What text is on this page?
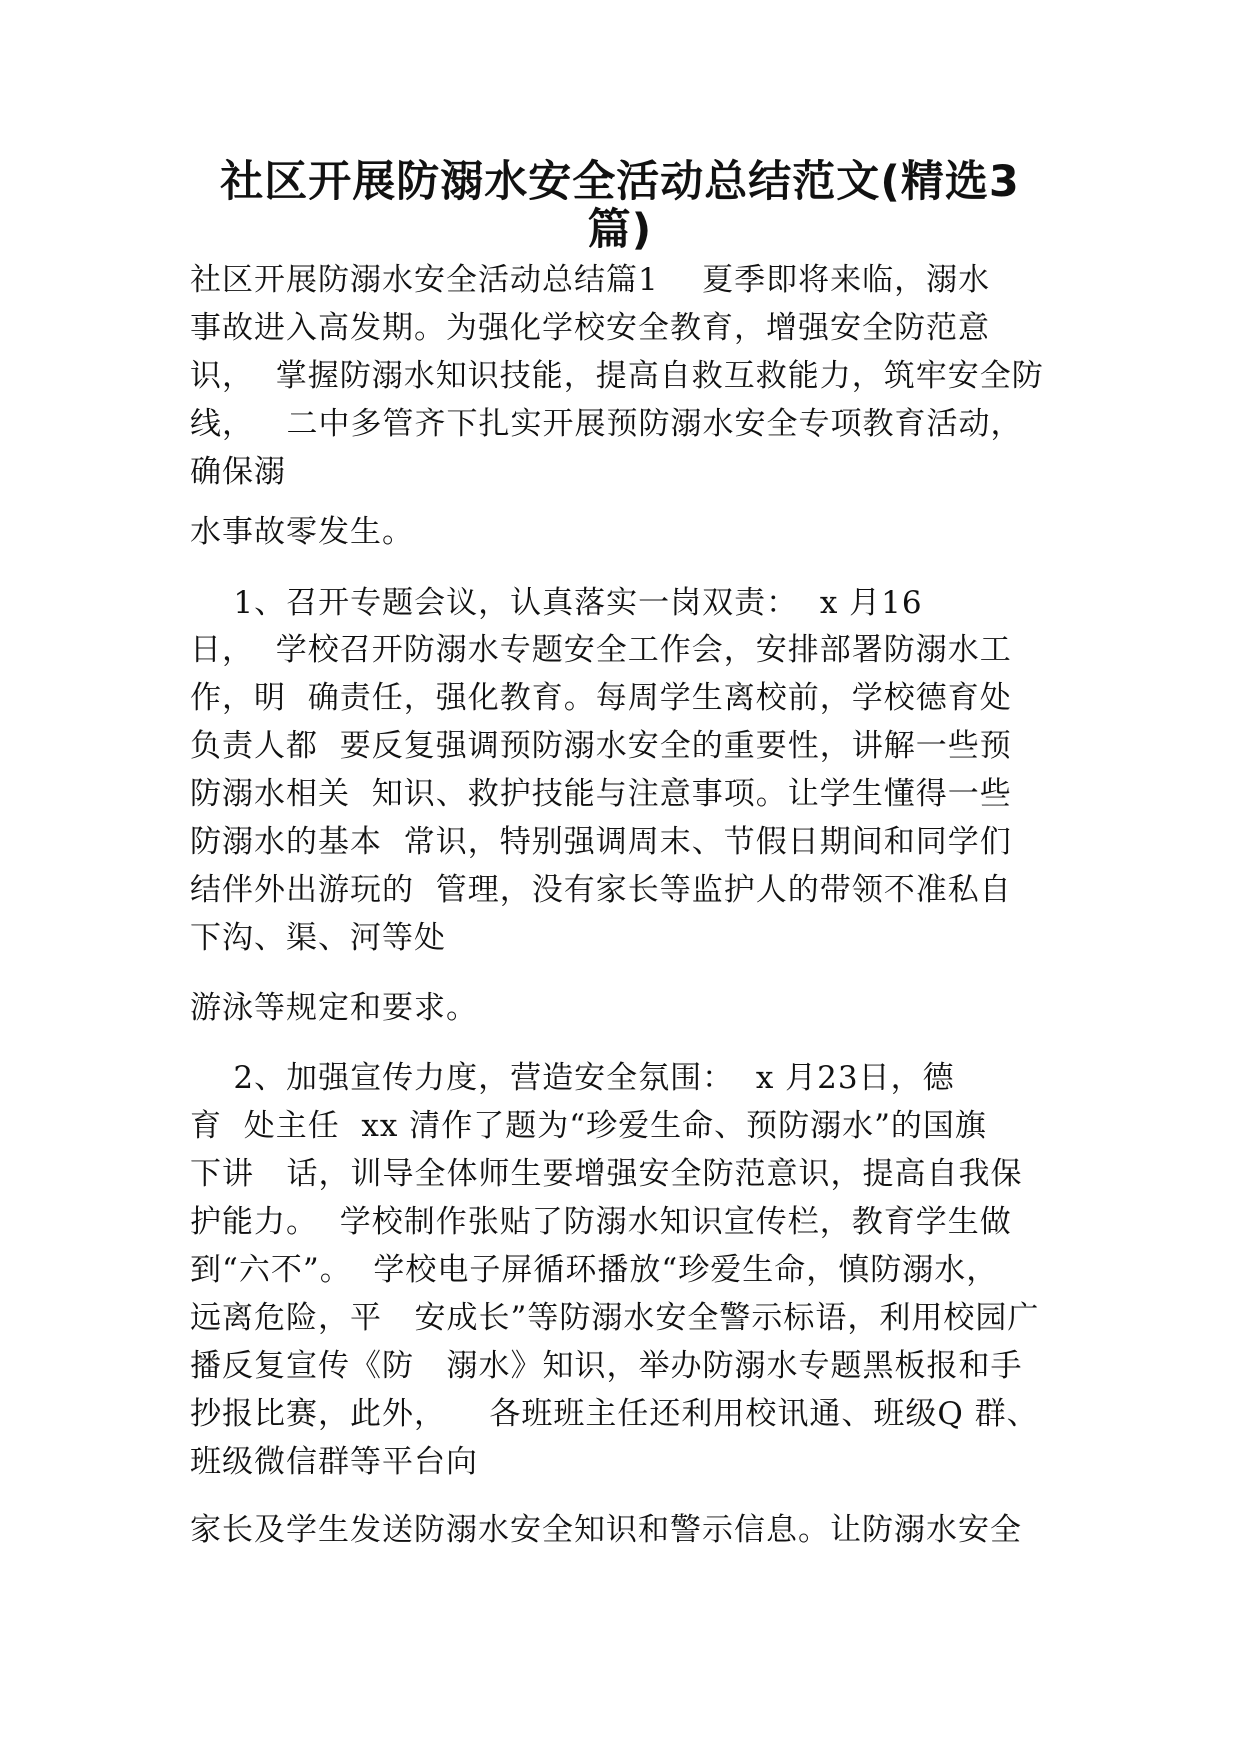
社区开展防溺水安全活动总结范文(精选3
篇)
社区开展防溺水安全活动总结篇1    夏季即将来临，溺水
事故进入高发期。为强化学校安全教育，增强安全防范意
识，  掌握防溺水知识技能，提高自救互救能力，筑牢安全防
线，   二中多管齐下扎实开展预防溺水安全专项教育活动，
确保溺
水事故零发生。
1、召开专题会议，认真落实一岗双责：  x 月16
日，  学校召开防溺水专题安全工作会，安排部署防溺水工
作，明  确责任，强化教育。每周学生离校前，学校德育处
负责人都  要反复强调预防溺水安全的重要性，讲解一些预
防溺水相关  知识、救护技能与注意事项。让学生懂得一些
防溺水的基本  常识，特别强调周末、节假日期间和同学们
结伴外出游玩的  管理，没有家长等监护人的带领不准私自
下沟、渠、河等处
游泳等规定和要求。
2、加强宣传力度，营造安全氛围：  x 月23日，德
育  处主任  xx 清作了题为“珍爱生命、预防溺水”的国旗
下讲   话，训导全体师生要增强安全防范意识，提高自我保
护能力。  学校制作张贴了防溺水知识宣传栏，教育学生做
到“六不”。  学校电子屏循环播放“珍爱生命，慎防溺水，
远离危险，平   安成长”等防溺水安全警示标语，利用校园广
播反复宣传《防   溺水》知识，举办防溺水专题黑板报和手
抄报比赛，此外，    各班班主任还利用校讯通、班级Q 群、
班级微信群等平台向
家长及学生发送防溺水安全知识和警示信息。让防溺水安全
